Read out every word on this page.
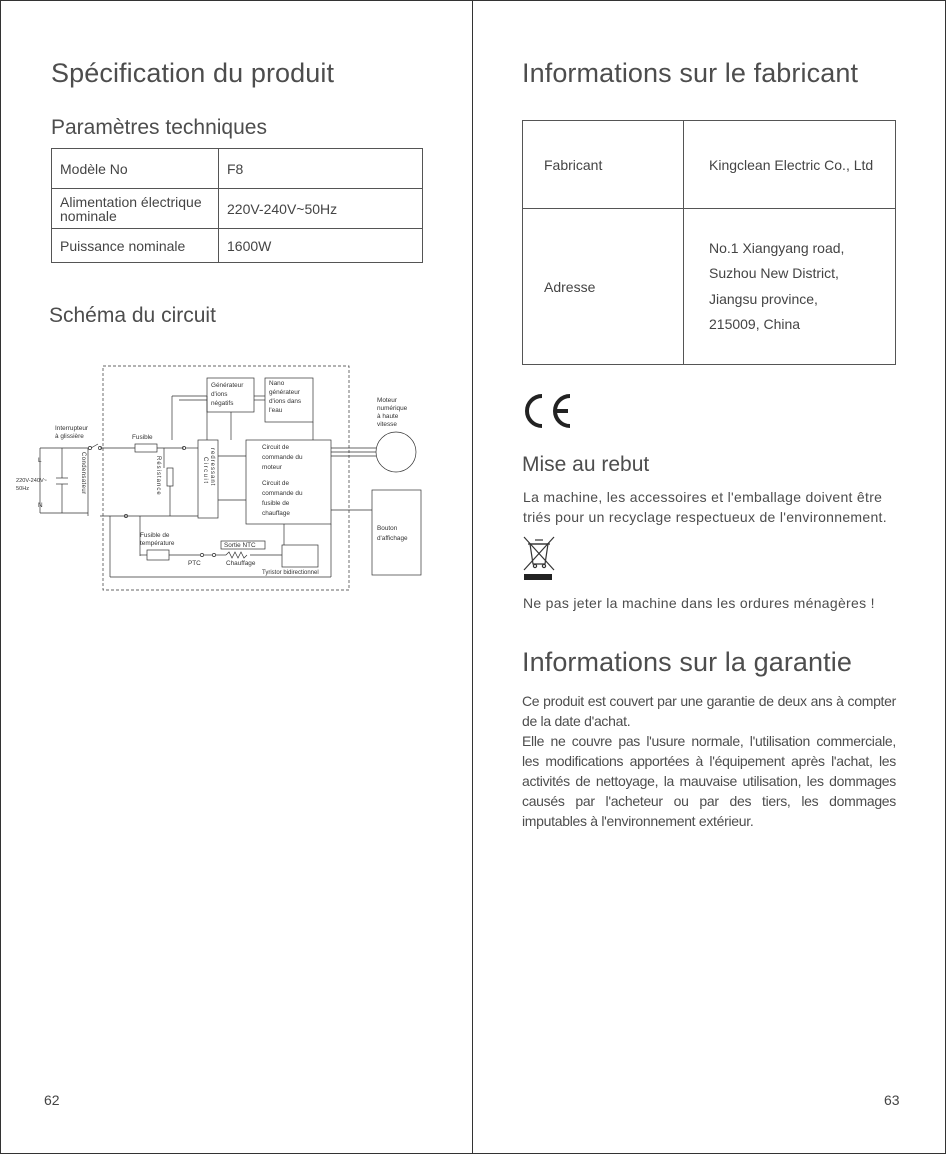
Spécification du produit
Paramètres techniques
Modèle No	F8
Alimentation électrique nominale	220V-240V~50Hz
Puissance nominale	1600W
Schéma du circuit
Interrupteur
à glissière	Fusible
L
N
220V-240V~
50Hz	Condensateur	Résistance	Circuit redressant
Générateur
d'ions
négatifs
Nano
générateur
d'ions dans
l'eau
Moteur
numérique
à haute
vitesse
Circuit de
commande du
moteur
Circuit de
commande du
fusible de
chauffage
Bouton
d'affichage
Fusible de
température
PTC
Sortie NTC
Chauffage
Tyristor bidirectionnel
62
Informations sur le fabricant
Fabricant	Kingclean Electric Co., Ltd
Adresse	No.1 Xiangyang road,
Suzhou New District,
Jiangsu province,
215009, China
Mise au rebut
La machine, les accessoires et l'emballage doivent être
triés pour un recyclage respectueux de l'environnement.
Ne pas jeter la machine dans les ordures ménagères !
Informations sur la garantie
Ce produit est couvert par une garantie de deux ans à compter de la date d'achat.
Elle ne couvre pas l'usure normale, l'utilisation commerciale, les modifications apportées à l'équipement après l'achat, les activités de nettoyage, la mauvaise utilisation, les dommages causés par l'acheteur ou par des tiers, les dommages imputables à l'environnement extérieur.
63
